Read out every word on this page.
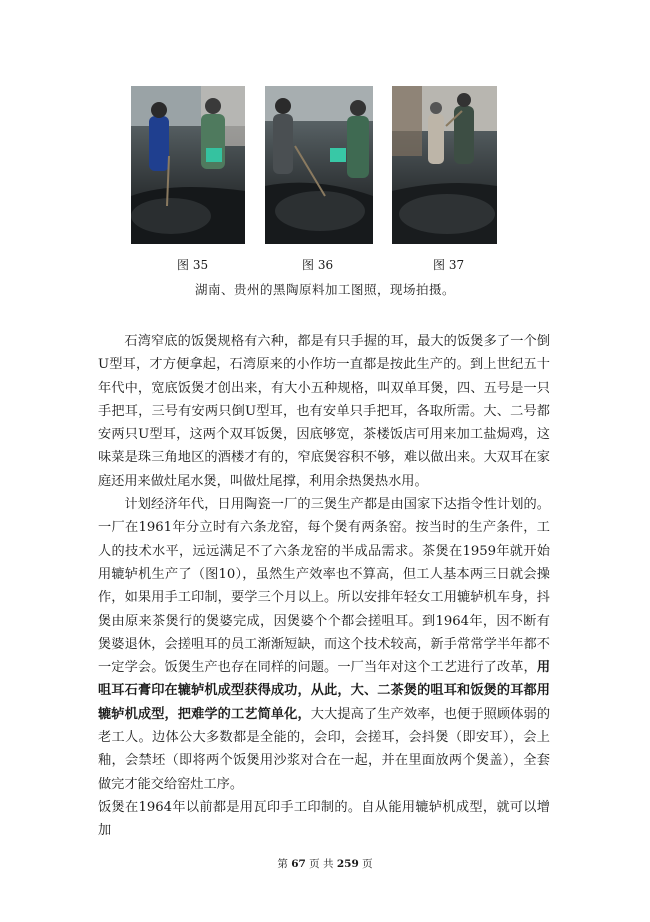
图 35	图 36	图 37
湖南、贵州的黑陶原料加工图照，现场拍摄。

石湾窄底的饭煲规格有六种，都是有只手握的耳，最大的饭煲多了一个倒U型耳，才方便拿起，石湾原来的小作坊一直都是按此生产的。到上世纪五十年代中，宽底饭煲才创出来，有大小五种规格，叫双单耳煲，四、五号是一只手把耳，三号有安两只倒U型耳，也有安单只手把耳，各取所需。大、二号都安两只U型耳，这两个双耳饭煲，因底够宽，茶楼饭店可用来加工盐焗鸡，这味菜是珠三角地区的酒楼才有的，窄底煲容积不够，难以做出来。大双耳在家庭还用来做灶尾水煲，叫做灶尾撑，利用余热煲热水用。

计划经济年代，日用陶瓷一厂的三煲生产都是由国家下达指令性计划的。一厂在1961年分立时有六条龙窑，每个煲有两条窑。按当时的生产条件，工人的技术水平，远远满足不了六条龙窑的半成品需求。茶煲在1959年就开始用辘轳机生产了（图10），虽然生产效率也不算高，但工人基本两三日就会操作，如果用手工印制，要学三个月以上。所以安排年轻女工用辘轳机车身，抖煲由原来茶煲行的煲婆完成，因煲婆个个都会搓咀耳。到1964年，因不断有煲婆退休，会搓咀耳的员工渐渐短缺，而这个技术较高，新手常常学半年都不一定学会。饭煲生产也存在同样的问题。一厂当年对这个工艺进行了改革，用咀耳石膏印在辘轳机成型获得成功，从此，大、二茶煲的咀耳和饭煲的耳都用辘轳机成型，把难学的工艺简单化，大大提高了生产效率，也便于照顾体弱的老工人。边体公大多数都是全能的，会印，会搓耳，会抖煲（即安耳），会上釉，会禁坯（即将两个饭煲用沙浆对合在一起，并在里面放两个煲盖），全套做完才能交给窑灶工序。

饭煲在1964年以前都是用瓦印手工印制的。自从能用辘轳机成型，就可以增加

第 67 页 共 259 页
